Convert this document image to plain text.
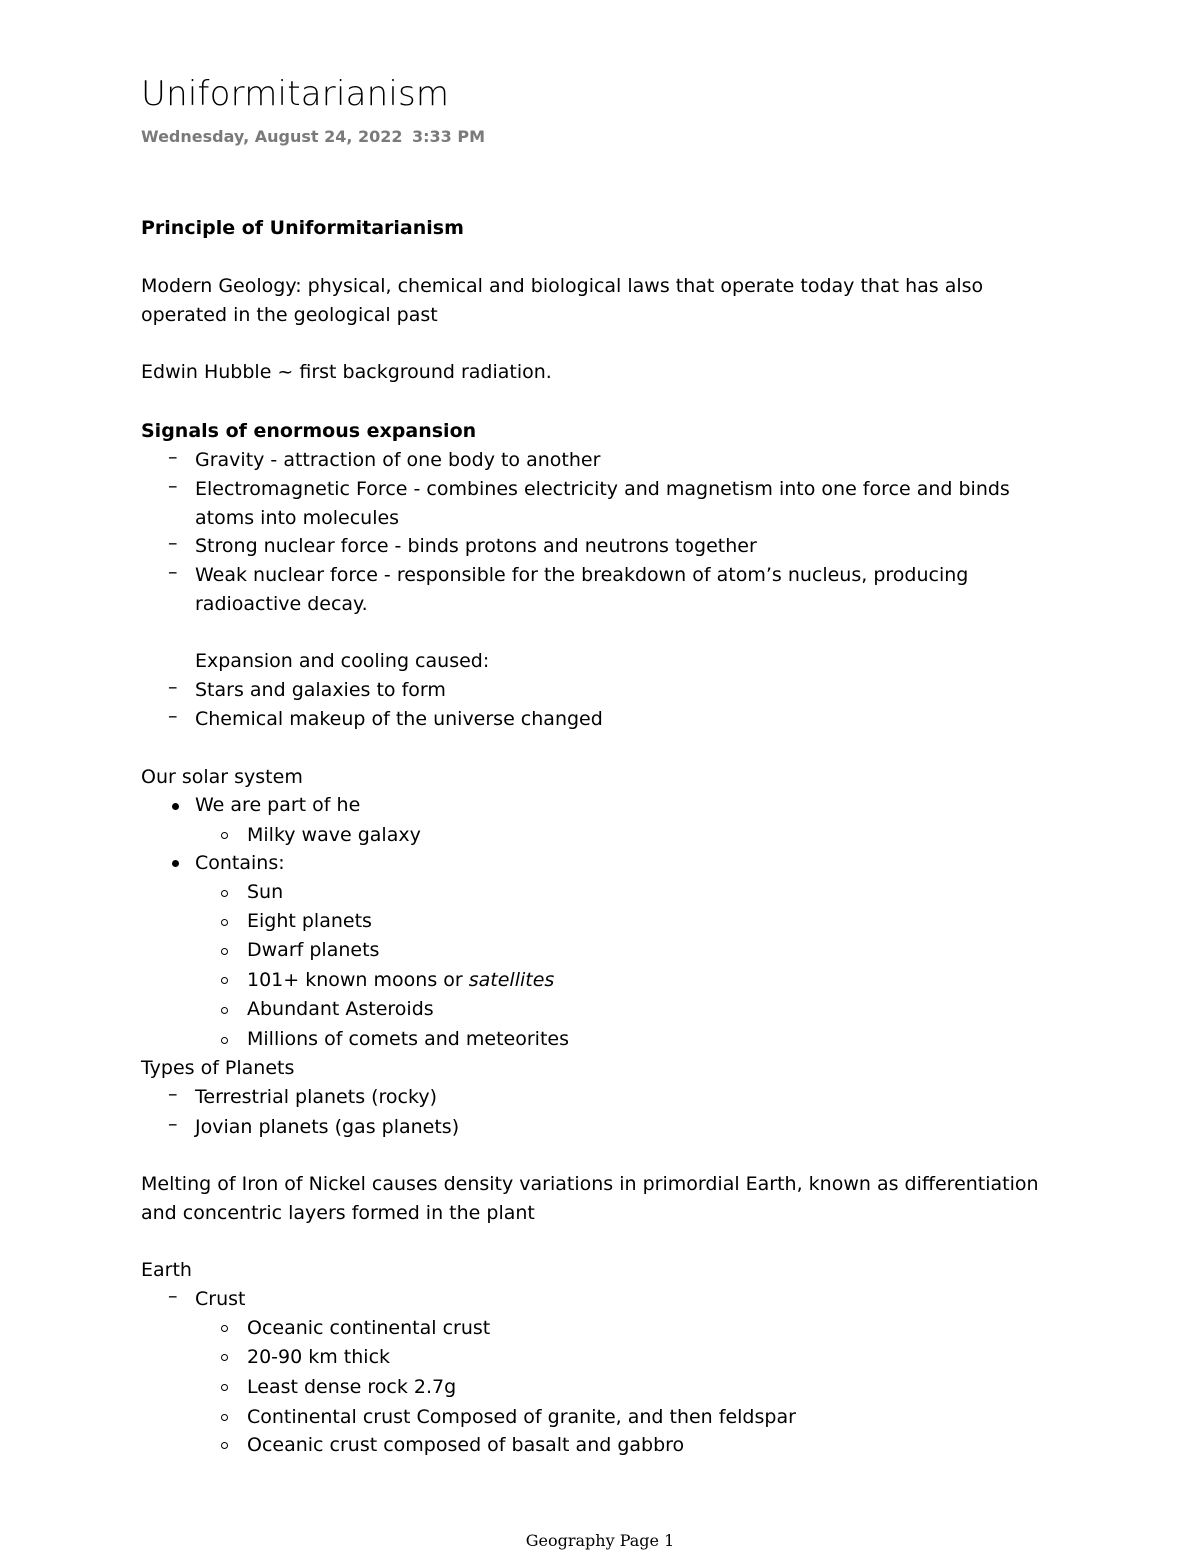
Uniformitarianism
Wednesday, August 24, 2022 3:33 PM
Principle of Uniformitarianism
Modern Geology: physical, chemical and biological laws that operate today that has also
operated in the geological past
Edwin Hubble ~ first background radiation.
Signals of enormous expansion
– Gravity - attraction of one body to another
– Electromagnetic Force - combines electricity and magnetism into one force and binds
atoms into molecules
– Strong nuclear force - binds protons and neutrons together
– Weak nuclear force - responsible for the breakdown of atom’s nucleus, producing
radioactive decay.
Expansion and cooling caused:
– Stars and galaxies to form
– Chemical makeup of the universe changed
Our solar system
We are part of he
Milky wave galaxy
Contains:
Sun
Eight planets
Dwarf planets
101+ known moons or satellites
Abundant Asteroids
Millions of comets and meteorites
Types of Planets
– Terrestrial planets (rocky)
– Jovian planets (gas planets)
Melting of Iron of Nickel causes density variations in primordial Earth, known as differentiation
and concentric layers formed in the plant
Earth
– Crust
Oceanic continental crust
20-90 km thick
Least dense rock 2.7g
Continental crust Composed of granite, and then feldspar
Oceanic crust composed of basalt and gabbro
Geography Page 1
